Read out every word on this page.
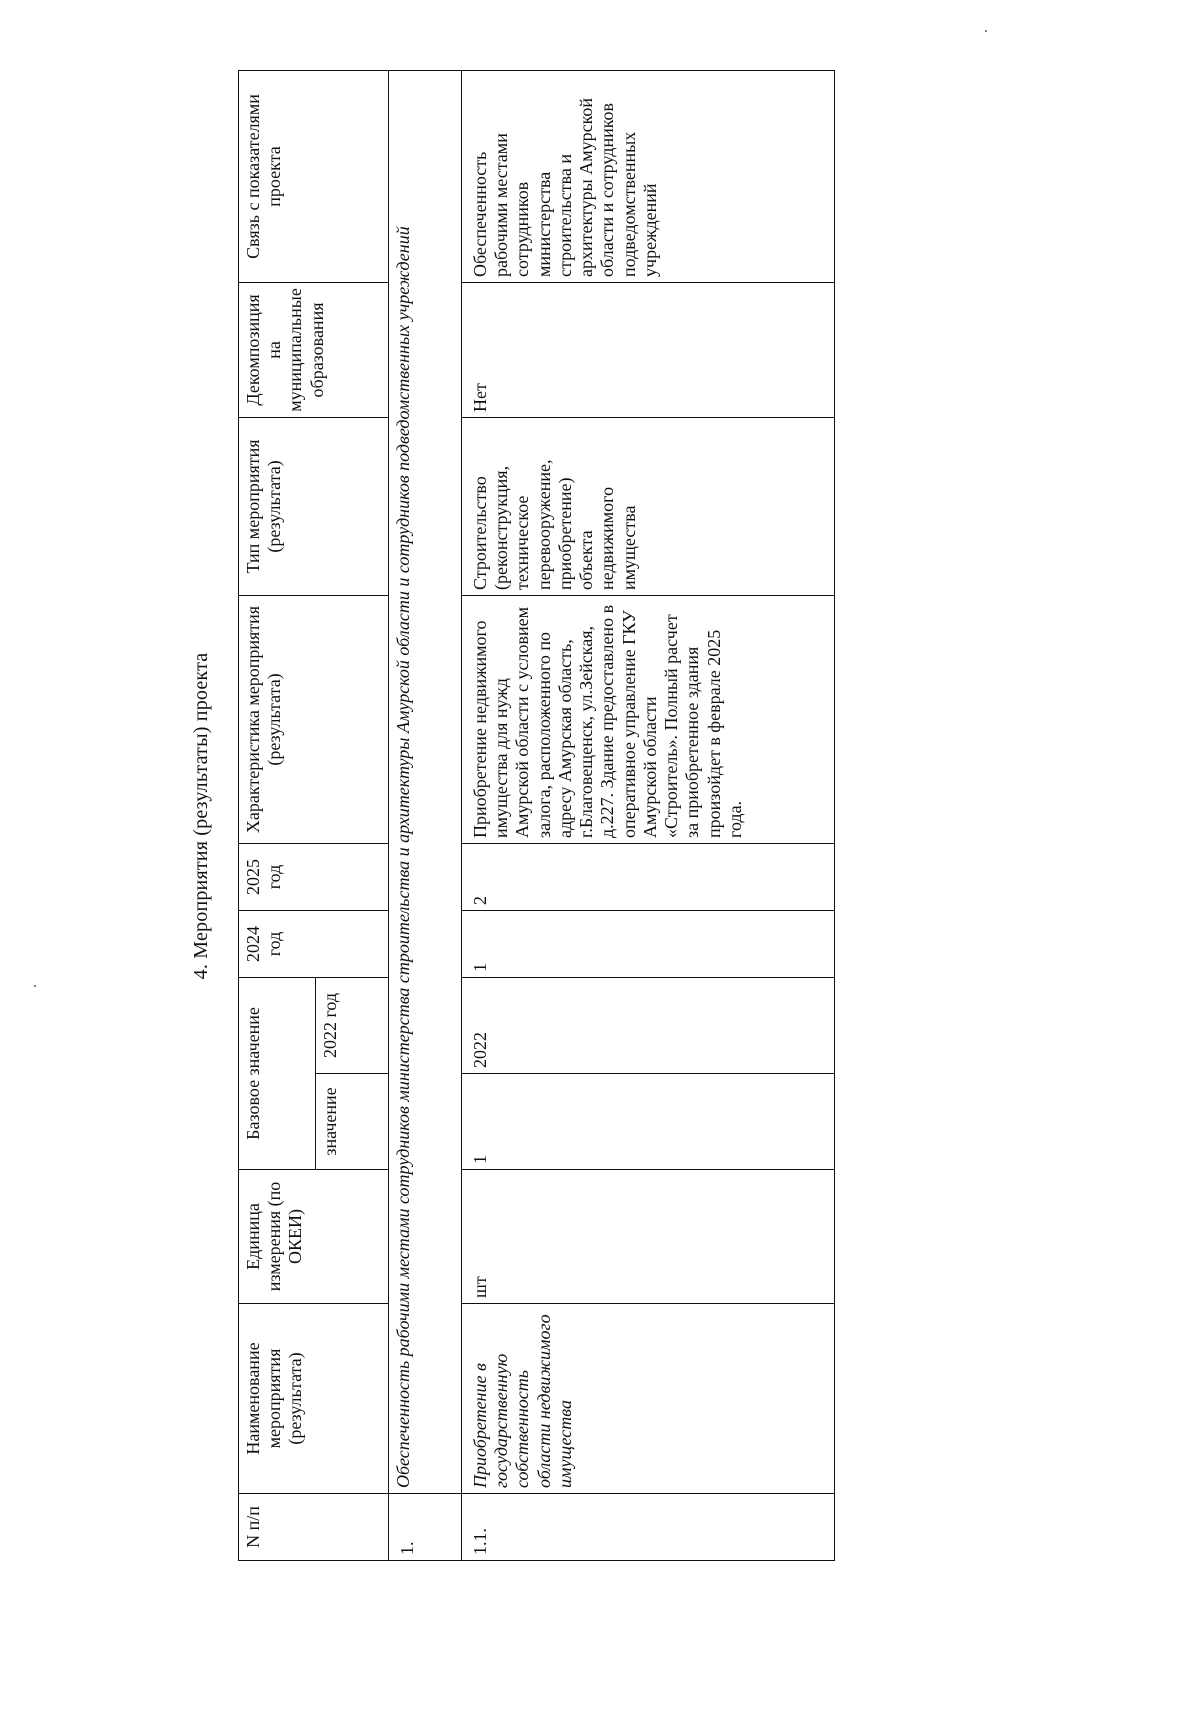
4. Мероприятия (результаты) проекта
N п/п	Наименование мероприятия (результата)	Единица измерения (по ОКЕИ)	Базовое значение		2024 год	2025 год	Характеристика мероприятия (результата)	Тип мероприятия (результата)	Декомпозиция на муниципальные образования	Связь с показателями проекта
			значение	2022 год						
1.	Обеспеченность рабочими местами сотрудников министерства строительства и архитектуры Амурской области и сотрудников подведомственных учреждений									
1.1.	Приобретение в государственную собственность области недвижимого имущества	шт	1	2022	1	2	Приобретение недвижимого имущества для нужд Амурской области с условием залога, расположенного по адресу Амурская область, г.Благовещенск, ул.Зейская, д.227. Здание предоставлено в оперативное управление ГКУ Амурской области «Строитель». Полный расчет за приобретенное здания произойдет в феврале 2025 года.	Строительство (реконструкция, техническое перевооружение, приобретение) объекта недвижимого имущества	Нет	Обеспеченность рабочими местами сотрудников министерства строительства и архитектуры Амурской области и сотрудников подведомственных учреждений
